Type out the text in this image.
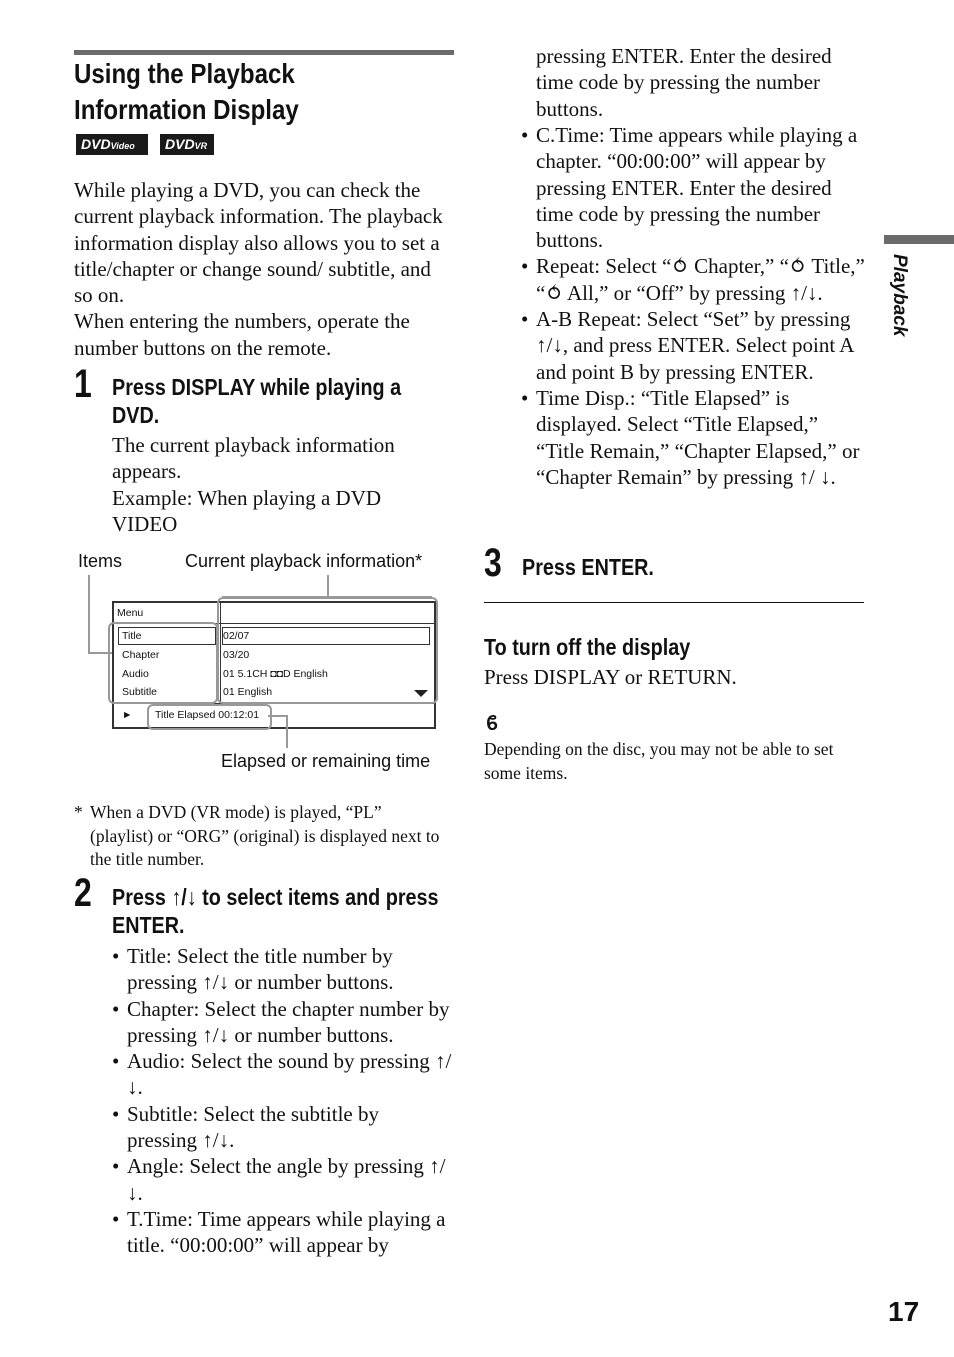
Using the Playback
Information Display
DVDVideo	DVDVR
While playing a DVD, you can check the current playback information. The playback information display also allows you to set a title/chapter or change sound/ subtitle, and so on.
When entering the numbers, operate the number buttons on the remote.
1 Press DISPLAY while playing a
DVD.
The current playback information appears.
Example: When playing a DVD VIDEO
Items	Current playback information*
Menu
Title	02/07
Chapter	03/20
Audio	01 5.1CH ◘◘D English
Subtitle	01 English
► Title Elapsed 00:12:01
Elapsed or remaining time
* When a DVD (VR mode) is played, “PL” (playlist) or “ORG” (original) is displayed next to the title number.
2 Press ↑/↓ to select items and press
ENTER.
• Title: Select the title number by pressing ↑/↓ or number buttons.
• Chapter: Select the chapter number by pressing ↑/↓ or number buttons.
• Audio: Select the sound by pressing ↑/↓.
• Subtitle: Select the subtitle by pressing ↑/↓.
• Angle: Select the angle by pressing ↑/↓.
• T.Time: Time appears while playing a title. “00:00:00” will appear by
pressing ENTER. Enter the desired time code by pressing the number buttons.
• C.Time: Time appears while playing a chapter. “00:00:00” will appear by pressing ENTER. Enter the desired time code by pressing the number buttons.
• Repeat: Select “⥀ Chapter,” “⥀ Title,” “⥀ All,” or “Off” by pressing ↑/↓.
• A-B Repeat: Select “Set” by pressing ↑/↓, and press ENTER. Select point A and point B by pressing ENTER.
• Time Disp.: “Title Elapsed” is displayed. Select “Title Elapsed,” “Title Remain,” “Chapter Elapsed,” or “Chapter Remain” by pressing ↑/ ↓.
3 Press ENTER.
To turn off the display
Press DISPLAY or RETURN.
ϐ
Depending on the disc, you may not be able to set some items.
Playback
17
